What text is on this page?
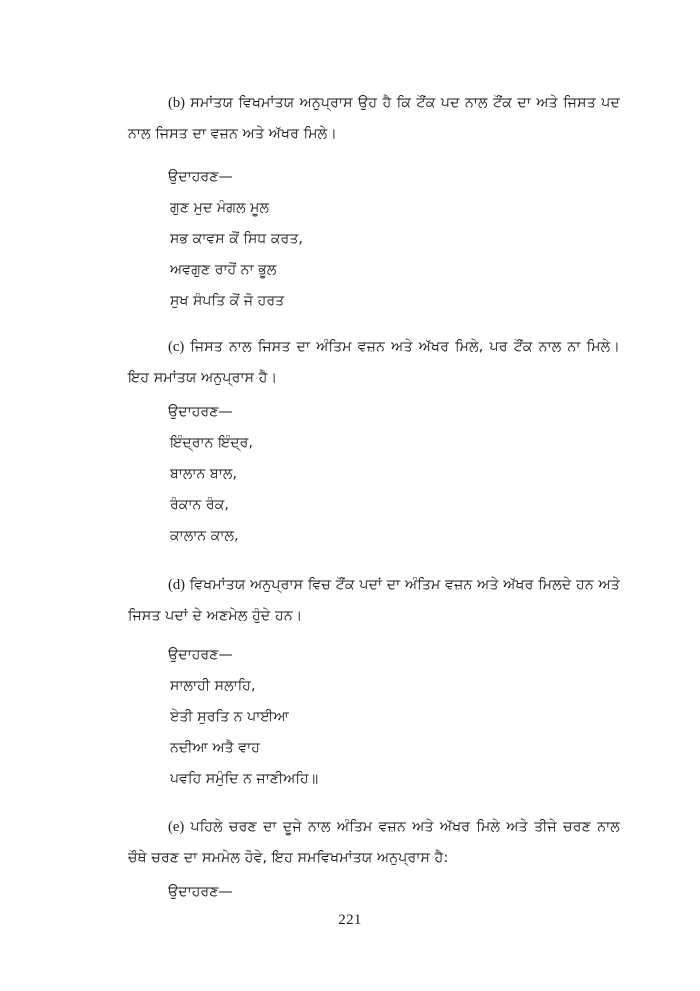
(b) ਸਮਾਂਤਯ ਵਿਖਮਾਂਤਯ ਅਨੁਪ੍ਰਾਸ ਉਹ ਹੈ ਕਿ ਟੌਂਕ ਪਦ ਨਾਲ ਟੌਂਕ ਦਾ ਅਤੇ ਜਿਸਤ ਪਦ ਨਾਲ ਜਿਸਤ ਦਾ ਵਜ਼ਨ ਅਤੇ ਅੱਖਰ ਮਿਲੇ।
ਉਦਾਹਰਣ—
ਗੁਣ ਮੁਦ ਮੰਗਲ ਮੂਲ
ਸਭ ਕਾਵਸ ਕੋਂ ਸਿਧ ਕਰਤ,
ਅਵਗੁਣ ਰਾਹੋਂ ਨਾ ਭੂਲ
ਸੁਖ ਸੰਪਤਿ ਕੋਂ ਜੋ ਹਰਤ
(c) ਜਿਸਤ ਨਾਲ ਜਿਸਤ ਦਾ ਅੰਤਿਮ ਵਜ਼ਨ ਅਤੇ ਅੱਖਰ ਮਿਲੇ, ਪਰ ਟੌਂਕ ਨਾਲ ਨਾ ਮਿਲੇ। ਇਹ ਸਮਾਂਤਯ ਅਨੁਪ੍ਰਾਸ ਹੈ।
ਉਦਾਹਰਣ—
ਇੰਦ੍ਰਾਨ ਇੰਦ੍ਰ,
ਬਾਲਾਨ ਬਾਲ,
ਰੰਕਾਨ ਰੰਕ,
ਕਾਲਾਨ ਕਾਲ,
(d) ਵਿਖਮਾਂਤਯ ਅਨੁਪ੍ਰਾਸ ਵਿਚ ਟੌਂਕ ਪਦਾਂ ਦਾ ਅੰਤਿਮ ਵਜ਼ਨ ਅਤੇ ਅੱਖਰ ਮਿਲਦੇ ਹਨ ਅਤੇ ਜਿਸਤ ਪਦਾਂ ਦੇ ਅਣਮੇਲ ਹੁੰਦੇ ਹਨ।
ਉਦਾਹਰਣ—
ਸਾਲਾਹੀ ਸਲਾਹਿ,
ਏਤੀ ਸੁਰਤਿ ਨ ਪਾਈਆ
ਨਦੀਆ ਅਤੈ ਵਾਹ
ਪਵਹਿ ਸਮੁੰਦਿ ਨ ਜਾਣੀਅਹਿ॥
(e) ਪਹਿਲੇ ਚਰਣ ਦਾ ਦੂਜੇ ਨਾਲ ਅੰਤਿਮ ਵਜ਼ਨ ਅਤੇ ਅੱਖਰ ਮਿਲੇ ਅਤੇ ਤੀਜੇ ਚਰਣ ਨਾਲ ਚੌਥੇ ਚਰਣ ਦਾ ਸਮਮੇਲ ਹੋਵੇ, ਇਹ ਸਮਵਿਖਮਾਂਤਯ ਅਨੁਪ੍ਰਾਸ ਹੈ:
ਉਦਾਹਰਣ—
221
